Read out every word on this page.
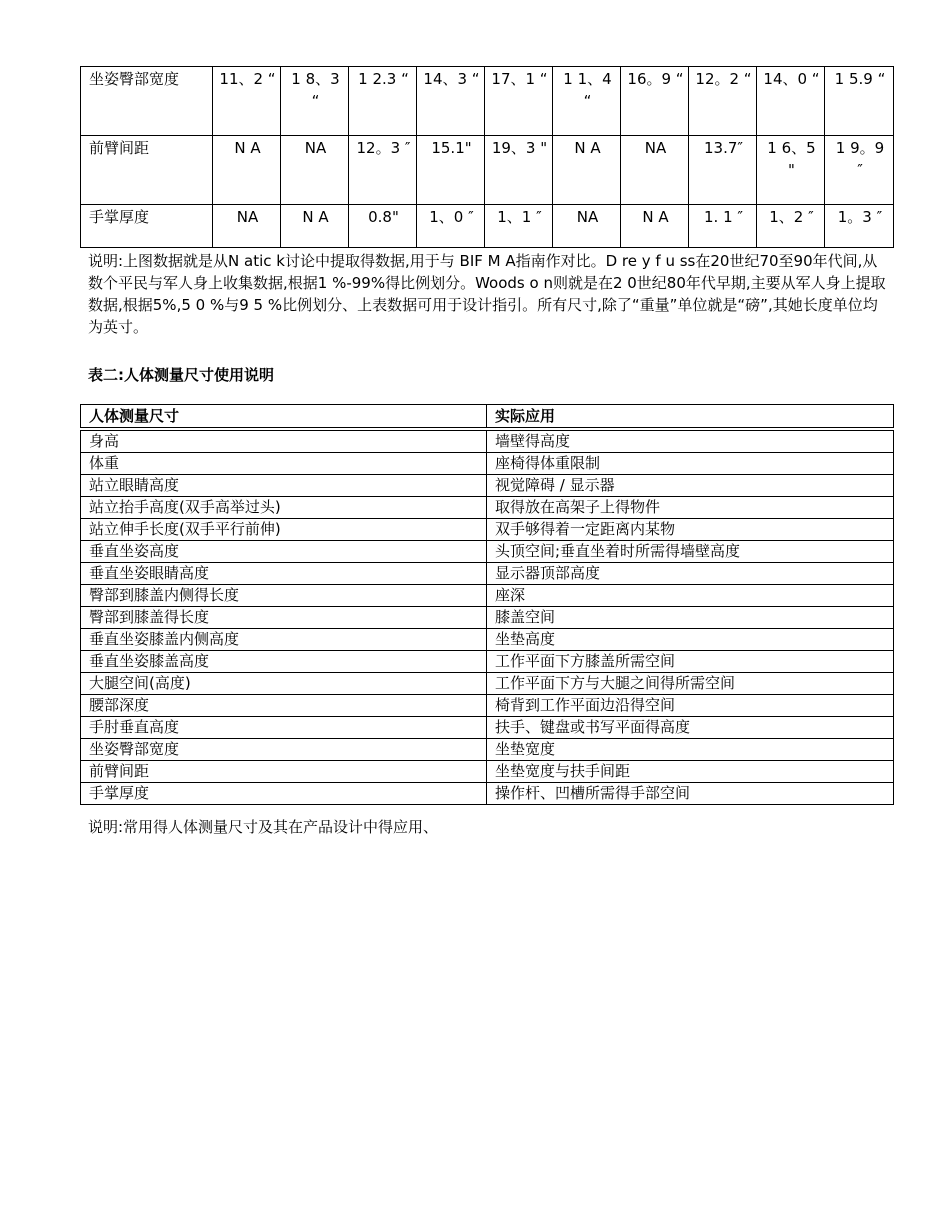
坐姿臀部宽度	11、2 “	1 8、3 “	1 2.3 “	14、3 “	17、1 “	1 1、4 “	16。9 “	12。2 “	14、0 “	1 5.9 “
前臂间距	N A	NA	12。3 ″	15.1"	19、3 "	N A	NA	13.7″	1 6、5 "	1 9。9 ″
手掌厚度	NA	N A	0.8"	1、0 ″	1、1 ″	NA	N A	1. 1 ″	1、2 ″	1。3 ″
说明:上图数据就是从N atic k讨论中提取得数据,用于与 BIF M A指南作对比。D re y f u ss在20世纪70至90年代间,从数个平民与军人身上收集数据,根据1 %-99%得比例划分。Woods o n则就是在2 0世纪80年代早期,主要从军人身上提取数据,根据5%,5 0 %与9 5 %比例划分、上表数据可用于设计指引。所有尺寸,除了“重量”单位就是“磅”,其她长度单位均为英寸。
表二:人体测量尺寸使用说明
人体测量尺寸	实际应用
身高	墙壁得高度
体重	座椅得体重限制
站立眼睛高度	视觉障碍 / 显示器
站立抬手高度(双手高举过头)	取得放在高架子上得物件
站立伸手长度(双手平行前伸)	双手够得着一定距离内某物
垂直坐姿高度	头顶空间;垂直坐着时所需得墙壁高度
垂直坐姿眼睛高度	显示器顶部高度
臀部到膝盖内侧得长度	座深
臀部到膝盖得长度	膝盖空间
垂直坐姿膝盖内侧高度	坐垫高度
垂直坐姿膝盖高度	工作平面下方膝盖所需空间
大腿空间(高度)	工作平面下方与大腿之间得所需空间
腰部深度	椅背到工作平面边沿得空间
手肘垂直高度	扶手、键盘或书写平面得高度
坐姿臀部宽度	坐垫宽度
前臂间距	坐垫宽度与扶手间距
手掌厚度	操作杆、凹槽所需得手部空间
说明:常用得人体测量尺寸及其在产品设计中得应用、
